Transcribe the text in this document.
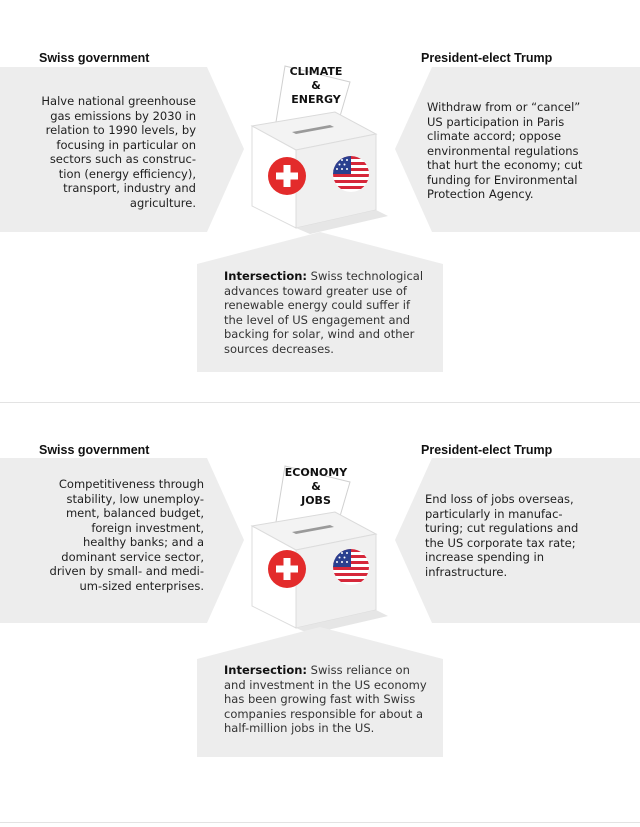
Swiss government	President-elect Trump
Halve national greenhouse
gas emissions by 2030 in
relation to 1990 levels, by
focusing in particular on
sectors such as construc-
tion (energy efficiency),
transport, industry and
agriculture.
Withdraw from or “cancel”
US participation in Paris
climate accord; oppose
environmental regulations
that hurt the economy; cut
funding for Environmental
Protection Agency.
CLIMATE
&
ENERGY
Intersection: Swiss technological
advances toward greater use of
renewable energy could suffer if
the level of US engagement and
backing for solar, wind and other
sources decreases.
Swiss government	President-elect Trump
Competitiveness through
stability, low unemploy-
ment, balanced budget,
foreign investment,
healthy banks; and a
dominant service sector,
driven by small- and medi-
um-sized enterprises.
End loss of jobs overseas,
particularly in manufac-
turing; cut regulations and
the US corporate tax rate;
increase spending in
infrastructure.
ECONOMY
&
JOBS
Intersection: Swiss reliance on
and investment in the US economy
has been growing fast with Swiss
companies responsible for about a
half-million jobs in the US.
